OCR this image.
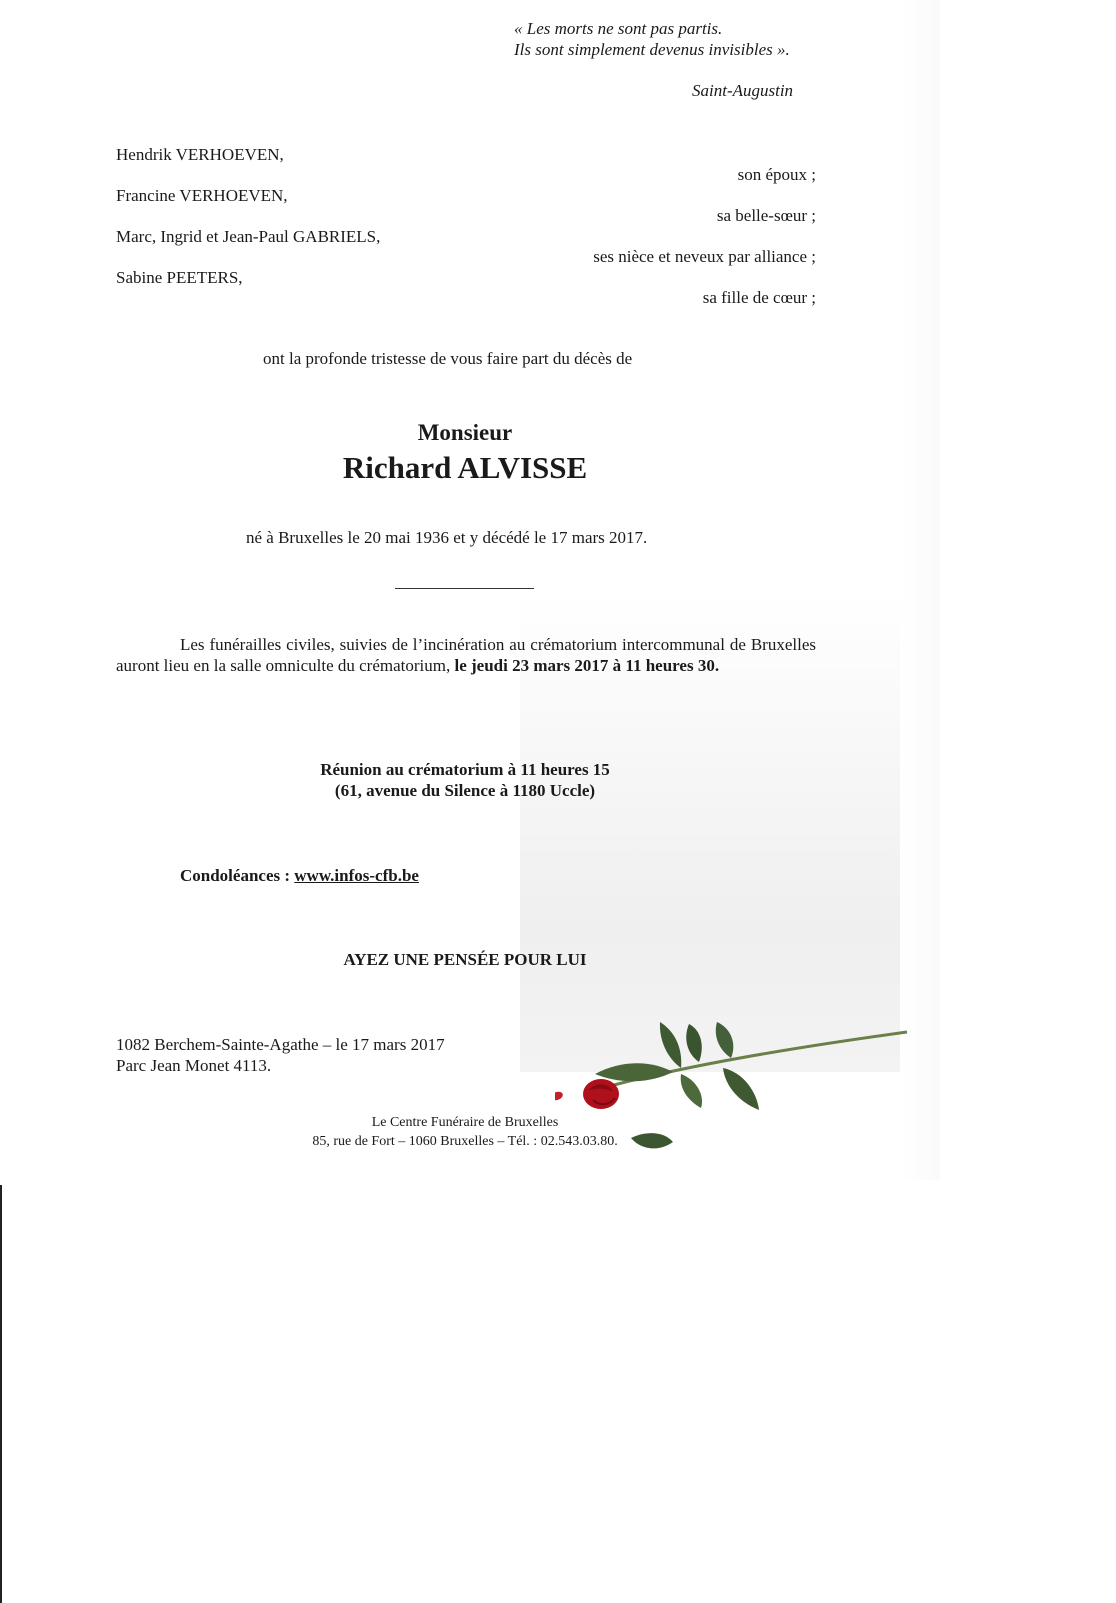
« Les morts ne sont pas partis.
Ils sont simplement devenus invisibles ».
Saint-Augustin
Hendrik VERHOEVEN,
Francine VERHOEVEN,
Marc, Ingrid et Jean-Paul GABRIELS,
Sabine PEETERS,
son époux ;
sa belle-sœur ;
ses nièce et neveux par alliance ;
sa fille de cœur ;
ont la profonde tristesse de vous faire part du décès de
Monsieur
Richard ALVISSE
né à Bruxelles le 20 mai 1936 et y décédé le 17 mars 2017.
Les funérailles civiles, suivies de l’incinération au crématorium intercommunal de Bruxelles auront lieu en la salle omniculte du crématorium, le jeudi 23 mars 2017 à 11 heures 30.
Réunion au crématorium à 11 heures 15
(61, avenue du Silence à 1180 Uccle)
Condoléances : www.infos-cfb.be
AYEZ UNE PENSÉE POUR LUI
1082 Berchem-Sainte-Agathe – le 17 mars 2017
Parc Jean Monet 4113.
Le Centre Funéraire de Bruxelles
85, rue de Fort – 1060 Bruxelles – Tél. : 02.543.03.80.
